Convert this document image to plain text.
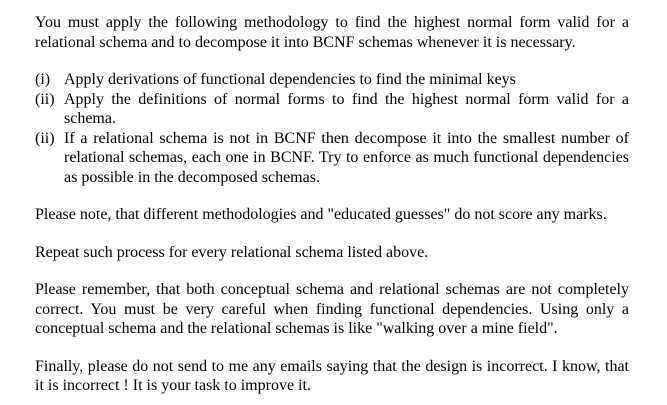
You must apply the following methodology to find the highest normal form valid for a relational schema and to decompose it into BCNF schemas whenever it is necessary.

(i) Apply derivations of functional dependencies to find the minimal keys
(ii) Apply the definitions of normal forms to find the highest normal form valid for a schema.
(ii) If a relational schema is not in BCNF then decompose it into the smallest number of relational schemas, each one in BCNF. Try to enforce as much functional dependencies as possible in the decomposed schemas.

Please note, that different methodologies and "educated guesses" do not score any marks.

Repeat such process for every relational schema listed above.

Please remember, that both conceptual schema and relational schemas are not completely correct. You must be very careful when finding functional dependencies. Using only a conceptual schema and the relational schemas is like "walking over a mine field".

Finally, please do not send to me any emails saying that the design is incorrect. I know, that it is incorrect ! It is your task to improve it.
